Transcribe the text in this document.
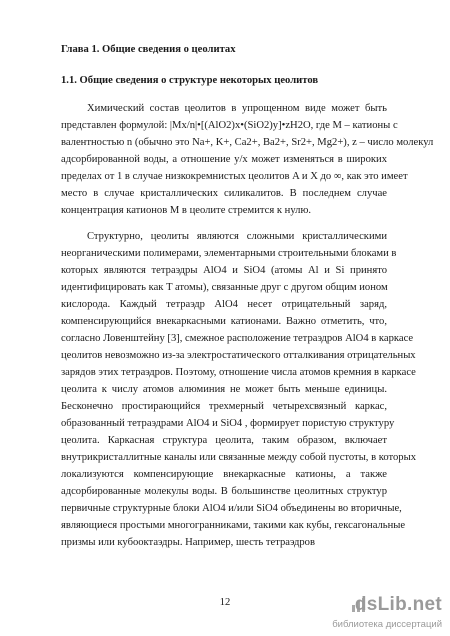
Глава 1. Общие сведения о цеолитах
1.1. Общие сведения о структуре некоторых цеолитов
Химический состав цеолитов в упрощенном виде может быть
представлен формулой: |Mx/n|•[(AlO2)x•(SiO2)y]•zH2O, где M – катионы с
валентностью n (обычно это Na+, K+, Ca2+, Ba2+, Sr2+, Mg2+), z – число молекул
адсорбированной воды, а отношение y/x может изменяться в широких
пределах от 1 в случае низкокремнистых цеолитов A и X до ∞, как это имеет
место в случае кристаллических силикалитов. В последнем случае
концентрация катионов M в цеолите стремится к нулю.
Структурно, цеолиты являются сложными кристаллическими
неорганическими полимерами, элементарными строительными блоками в
которых являются тетраэдры AlO4 и SiO4 (атомы Al и Si принято
идентифицировать как T атомы), связанные друг с другом общим ионом
кислорода. Каждый тетраэдр AlO4 несет отрицательный заряд,
компенсирующийся внекаркасными катионами. Важно отметить, что,
согласно Ловенштейну [3], смежное расположение тетраэдров AlO4 в каркасе
цеолитов невозможно из-за электростатического отталкивания отрицательных
зарядов этих тетраэдров. Поэтому, отношение числа атомов кремния в каркасе
цеолита к числу атомов алюминия не может быть меньше единицы.
Бесконечно простирающийся трехмерный четырехсвязный каркас,
образованный тетраэдрами AlO4 и SiO4 , формирует пористую структуру
цеолита. Каркасная структура цеолита, таким образом, включает
внутрикристаллитные каналы или связанные между собой пустоты, в которых
локализуются компенсирующие внекаркасные катионы, а также
адсорбированные молекулы воды. В большинстве цеолитных структур
первичные структурные блоки AlO4 и/или SiO4 объединены во вторичные,
являющиеся простыми многогранниками, такими как кубы, гексагональные
призмы или кубооктаэдры. Например, шесть тетраэдров
12	dsLib.net
библиотека диссертаций
